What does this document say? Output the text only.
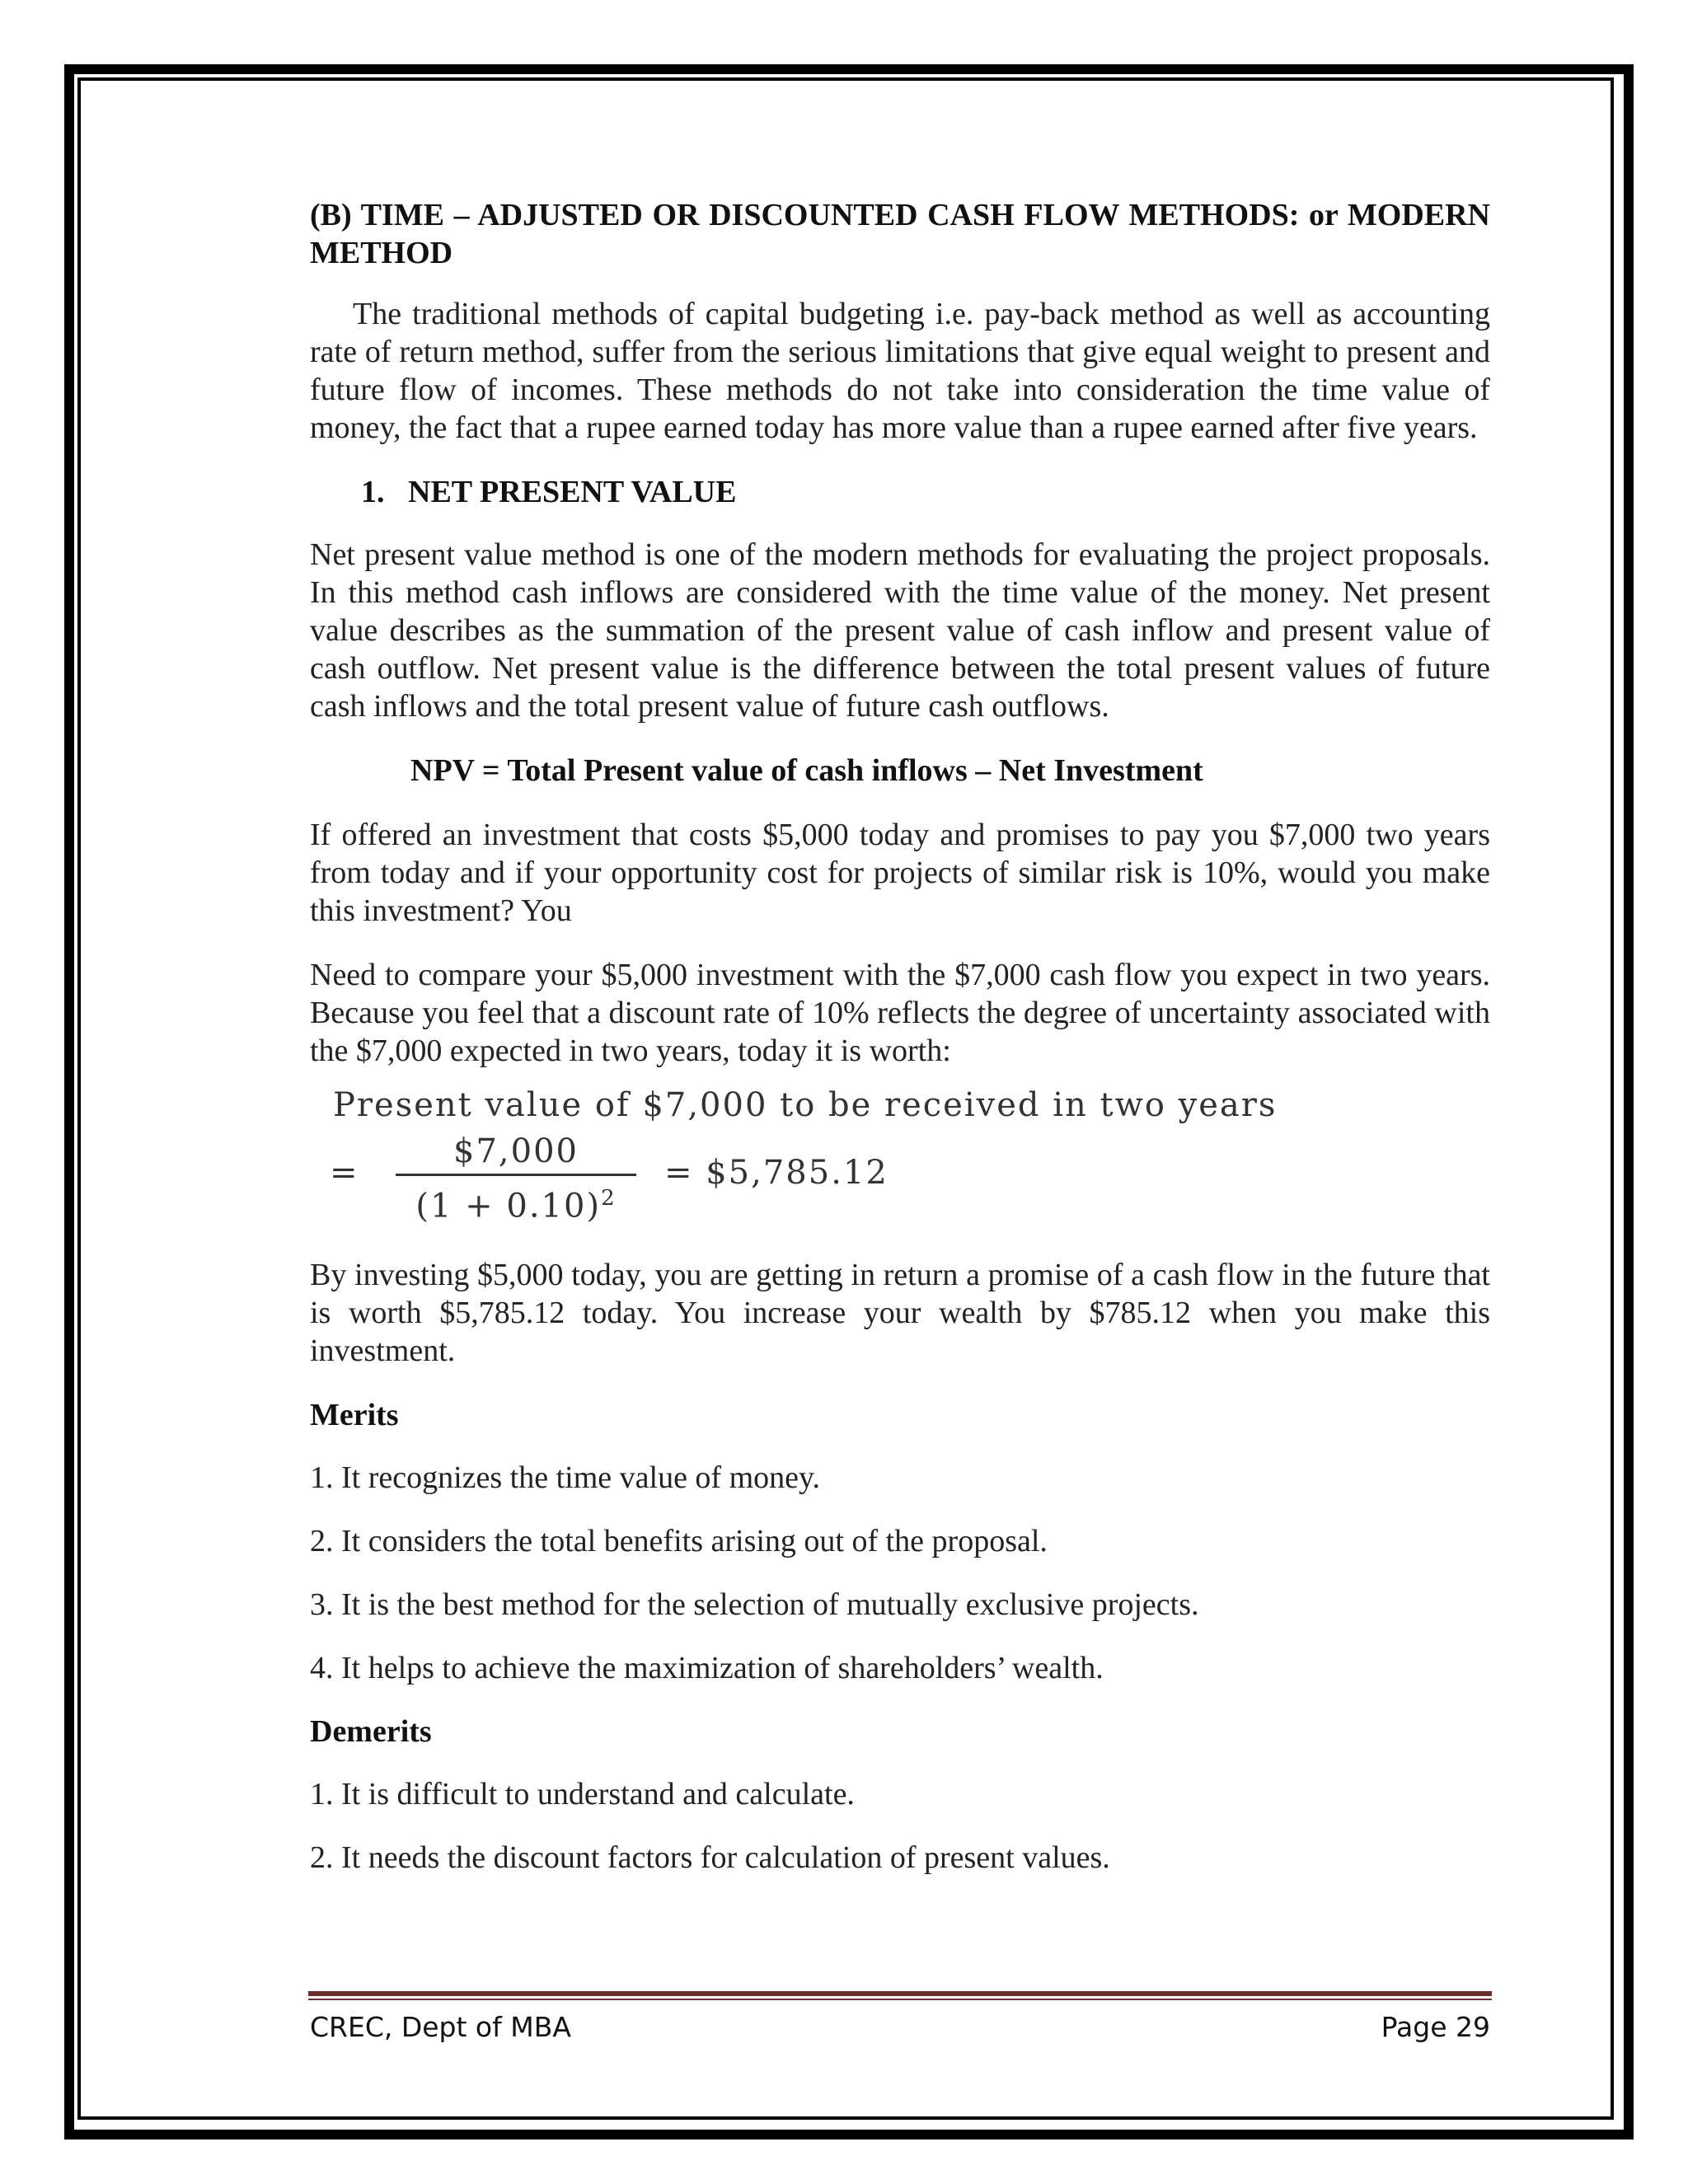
(B) TIME – ADJUSTED OR DISCOUNTED CASH FLOW METHODS: or MODERN METHOD

The traditional methods of capital budgeting i.e. pay-back method as well as accounting rate of return method, suffer from the serious limitations that give equal weight to present and future flow of incomes. These methods do not take into consideration the time value of money, the fact that a rupee earned today has more value than a rupee earned after five years.

1.   NET PRESENT VALUE

Net present value method is one of the modern methods for evaluating the project proposals. In this method cash inflows are considered with the time value of the money. Net present value describes as the summation of the present value of cash inflow and present value of cash outflow. Net present value is the difference between the total present values of future cash inflows and the total present value of future cash outflows.

NPV = Total Present value of cash inflows – Net Investment

If offered an investment that costs $5,000 today and promises to pay you $7,000 two years from today and if your opportunity cost for projects of similar risk is 10%, would you make this investment? You

Need to compare your $5,000 investment with the $7,000 cash flow you expect in two years. Because you feel that a discount rate of 10% reflects the degree of uncertainty associated with the $7,000 expected in two years, today it is worth:

Present value of $7,000 to be received in two years
=
$7,000
$(1 + 0.10)^2$
= $5,785.12

By investing $5,000 today, you are getting in return a promise of a cash flow in the future that is worth $5,785.12 today. You increase your wealth by $785.12 when you make this investment.

Merits

1. It recognizes the time value of money.

2. It considers the total benefits arising out of the proposal.

3. It is the best method for the selection of mutually exclusive projects.

4. It helps to achieve the maximization of shareholders’ wealth.

Demerits

1. It is difficult to understand and calculate.

2. It needs the discount factors for calculation of present values.

CREC, Dept of MBA	Page 29
